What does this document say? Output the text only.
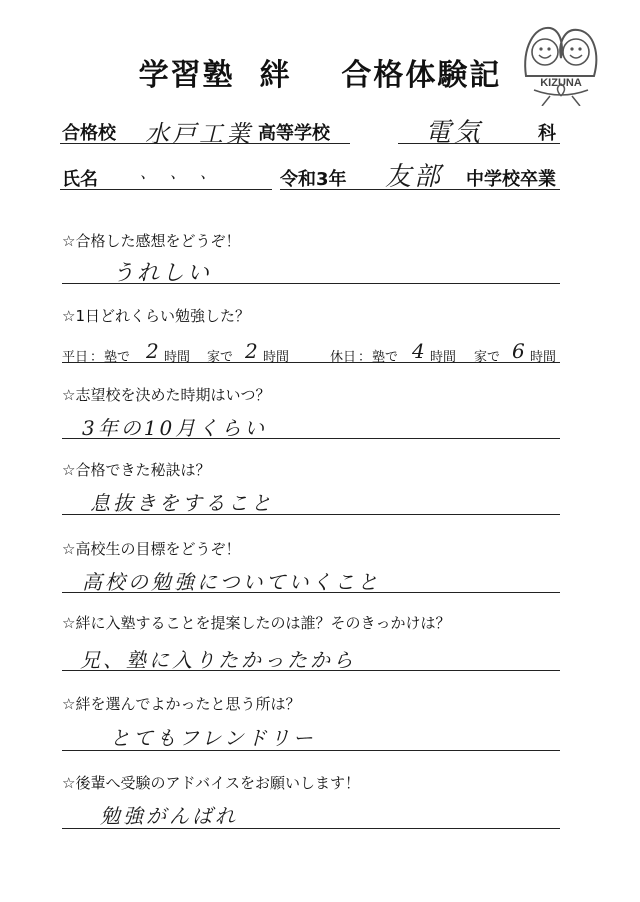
学習塾 絆 合格体験記	KIZUNA
合格校 水戸工業 高等学校	電気	科
氏名	、　、　、	令和3年 友部 中学校卒業
☆合格した感想をどうぞ！
うれしい
☆1日どれくらい勉強した？
平日 ： 塾で 2 時間 家で 2 時間	休日 ： 塾で 4 時間 家で 6 時間
☆志望校を決めた時期はいつ？
3年の10月くらい
☆合格できた秘訣は？
息抜きをすること
☆高校生の目標をどうぞ！
高校の勉強についていくこと
☆絆に入塾することを提案したのは誰？そのきっかけは？
兄、塾に入りたかったから
☆絆を選んでよかったと思う所は？
とてもフレンドリー
☆後輩へ受験のアドバイスをお願いします！
勉強がんばれ
